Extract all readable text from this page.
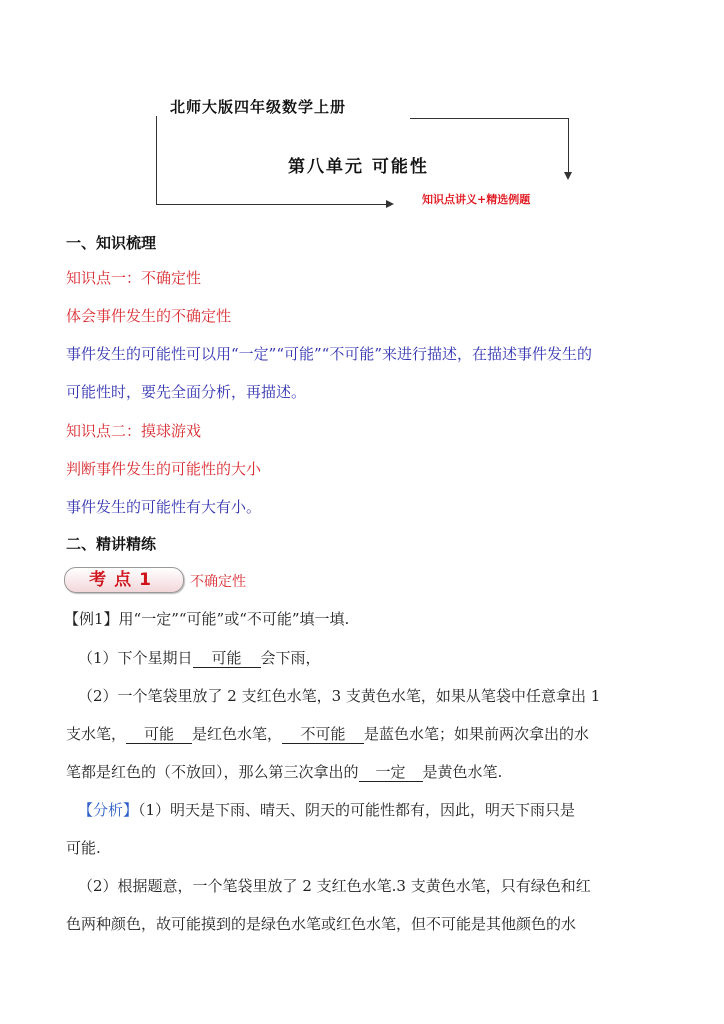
北师大版四年级数学上册
第八单元 可能性
知识点讲义+精选例题
一、知识梳理
知识点一：不确定性
体会事件发生的不确定性
事件发生的可能性可以用“一定”“可能”“不可能”来进行描述，在描述事件发生的
可能性时，要先全面分析，再描述。
知识点二：摸球游戏
判断事件发生的可能性的大小
事件发生的可能性有大有小。
二、精讲精练
考点1	不确定性
【例1】用“一定”“可能”或“不可能”填一填.
（1）下个星期日 可能 会下雨，
（2）一个笔袋里放了 2 支红色水笔，3 支黄色水笔，如果从笔袋中任意拿出 1
支水笔， 可能 是红色水笔， 不可能 是蓝色水笔；如果前两次拿出的水
笔都是红色的（不放回），那么第三次拿出的 一定 是黄色水笔.
【分析】（1）明天是下雨、晴天、阴天的可能性都有，因此，明天下雨只是
可能.
（2）根据题意，一个笔袋里放了 2 支红色水笔.3 支黄色水笔，只有绿色和红
色两种颜色，故可能摸到的是绿色水笔或红色水笔，但不可能是其他颜色的水
